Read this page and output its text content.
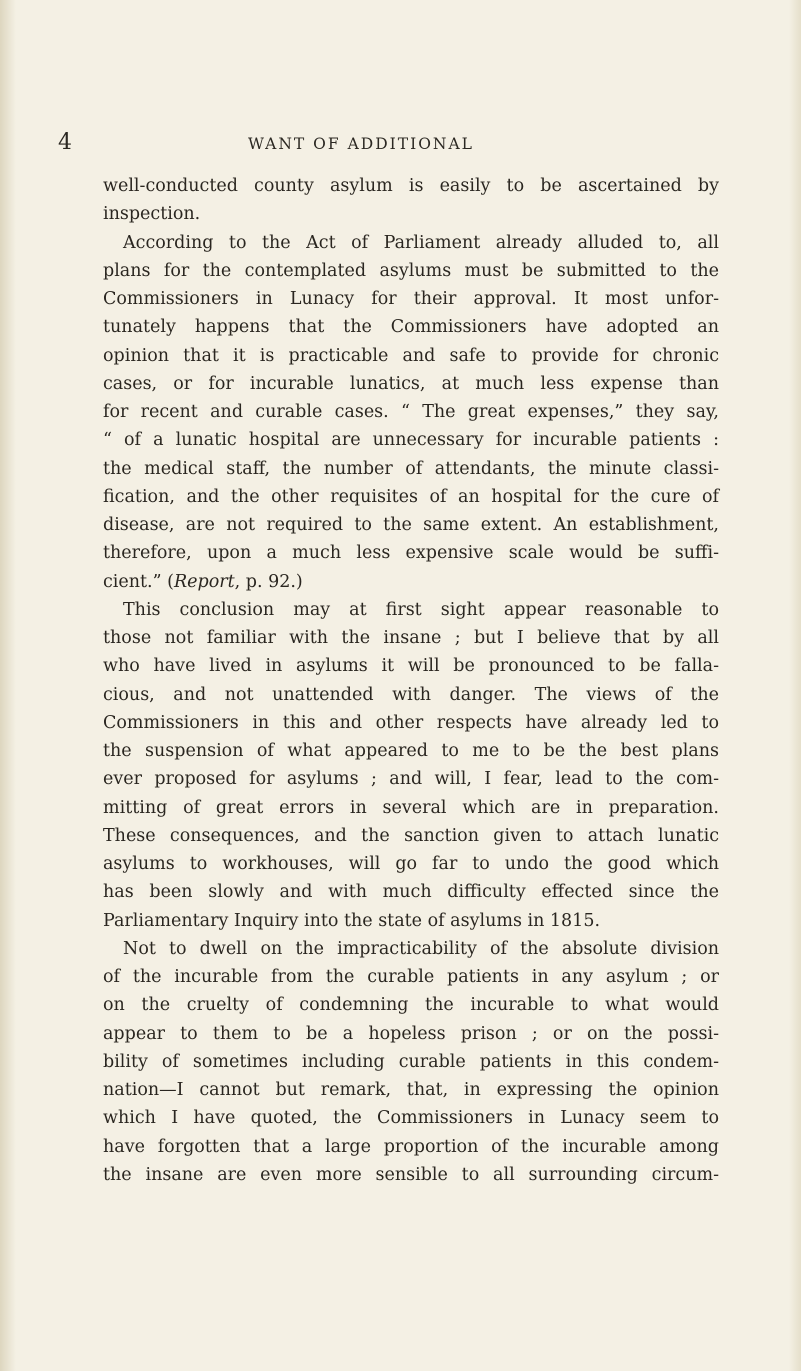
4	WANT OF ADDITIONAL
well-conducted county asylum is easily to be ascertained by
inspection.
According to the Act of Parliament already alluded to, all
plans for the contemplated asylums must be submitted to the
Commissioners in Lunacy for their approval. It most unfor-
tunately happens that the Commissioners have adopted an
opinion that it is practicable and safe to provide for chronic
cases, or for incurable lunatics, at much less expense than
for recent and curable cases. “ The great expenses,” they say,
“ of a lunatic hospital are unnecessary for incurable patients :
the medical staff, the number of attendants, the minute classi-
fication, and the other requisites of an hospital for the cure of
disease, are not required to the same extent. An establishment,
therefore, upon a much less expensive scale would be suffi-
cient.” (Report, p. 92.)
This conclusion may at first sight appear reasonable to
those not familiar with the insane ; but I believe that by all
who have lived in asylums it will be pronounced to be falla-
cious, and not unattended with danger. The views of the
Commissioners in this and other respects have already led to
the suspension of what appeared to me to be the best plans
ever proposed for asylums ; and will, I fear, lead to the com-
mitting of great errors in several which are in preparation.
These consequences, and the sanction given to attach lunatic
asylums to workhouses, will go far to undo the good which
has been slowly and with much difficulty effected since the
Parliamentary Inquiry into the state of asylums in 1815.
Not to dwell on the impracticability of the absolute division
of the incurable from the curable patients in any asylum ; or
on the cruelty of condemning the incurable to what would
appear to them to be a hopeless prison ; or on the possi-
bility of sometimes including curable patients in this condem-
nation—I cannot but remark, that, in expressing the opinion
which I have quoted, the Commissioners in Lunacy seem to
have forgotten that a large proportion of the incurable among
the insane are even more sensible to all surrounding circum-
